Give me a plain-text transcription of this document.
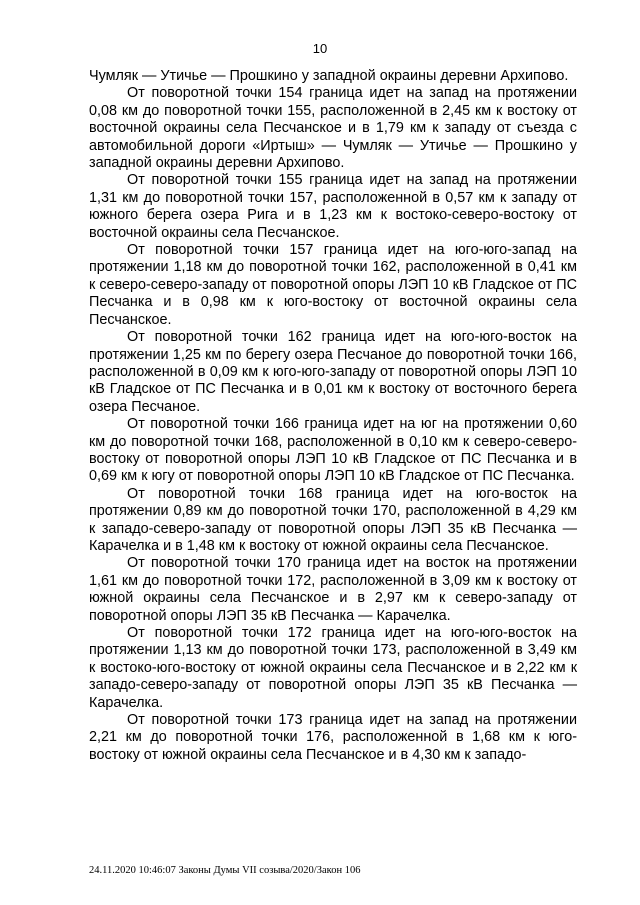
10

Чумляк — Утичье — Прошкино у западной окраины деревни Архипово.

От поворотной точки 154 граница идет на запад на протяжении 0,08 км до поворотной точки 155, расположенной в 2,45 км к востоку от восточной окраины села Песчанское и в 1,79 км к западу от съезда с автомобильной дороги «Иртыш» — Чумляк — Утичье — Прошкино у западной окраины деревни Архипово.

От поворотной точки 155 граница идет на запад на протяжении 1,31 км до поворотной точки 157, расположенной в 0,57 км к западу от южного берега озера Рига и в 1,23 км к востоко-северо-востоку от восточной окраины села Песчанское.

От поворотной точки 157 граница идет на юго-юго-запад на протяжении 1,18 км до поворотной точки 162, расположенной в 0,41 км к северо-северо-западу от поворотной опоры ЛЭП 10 кВ Гладское от ПС Песчанка и в 0,98 км к юго-востоку от восточной окраины села Песчанское.

От поворотной точки 162 граница идет на юго-юго-восток на протяжении 1,25 км по берегу озера Песчаное до поворотной точки 166, расположенной в 0,09 км к юго-юго-западу от поворотной опоры ЛЭП 10 кВ Гладское от ПС Песчанка и в 0,01 км к востоку от восточного берега озера Песчаное.

От поворотной точки 166 граница идет на юг на протяжении 0,60 км до поворотной точки 168, расположенной в 0,10 км к северо-северо-востоку от поворотной опоры ЛЭП 10 кВ Гладское от ПС Песчанка и в 0,69 км к югу от поворотной опоры ЛЭП 10 кВ Гладское от ПС Песчанка.

От поворотной точки 168 граница идет на юго-восток на протяжении 0,89 км до поворотной точки 170, расположенной в 4,29 км к западо-северо-западу от поворотной опоры ЛЭП 35 кВ Песчанка — Карачелка и в 1,48 км к востоку от южной окраины села Песчанское.

От поворотной точки 170 граница идет на восток на протяжении 1,61 км до поворотной точки 172, расположенной в 3,09 км к востоку от южной окраины села Песчанское и в 2,97 км к северо-западу от поворотной опоры ЛЭП 35 кВ Песчанка — Карачелка.

От поворотной точки 172 граница идет на юго-юго-восток на протяжении 1,13 км до поворотной точки 173, расположенной в 3,49 км к востоко-юго-востоку от южной окраины села Песчанское и в 2,22 км к западо-северо-западу от поворотной опоры ЛЭП 35 кВ Песчанка — Карачелка.

От поворотной точки 173 граница идет на запад на протяжении 2,21 км до поворотной точки 176, расположенной в 1,68 км к юго-востоку от южной окраины села Песчанское и в 4,30 км к западо-

24.11.2020 10:46:07 Законы Думы VII созыва/2020/Закон 106
